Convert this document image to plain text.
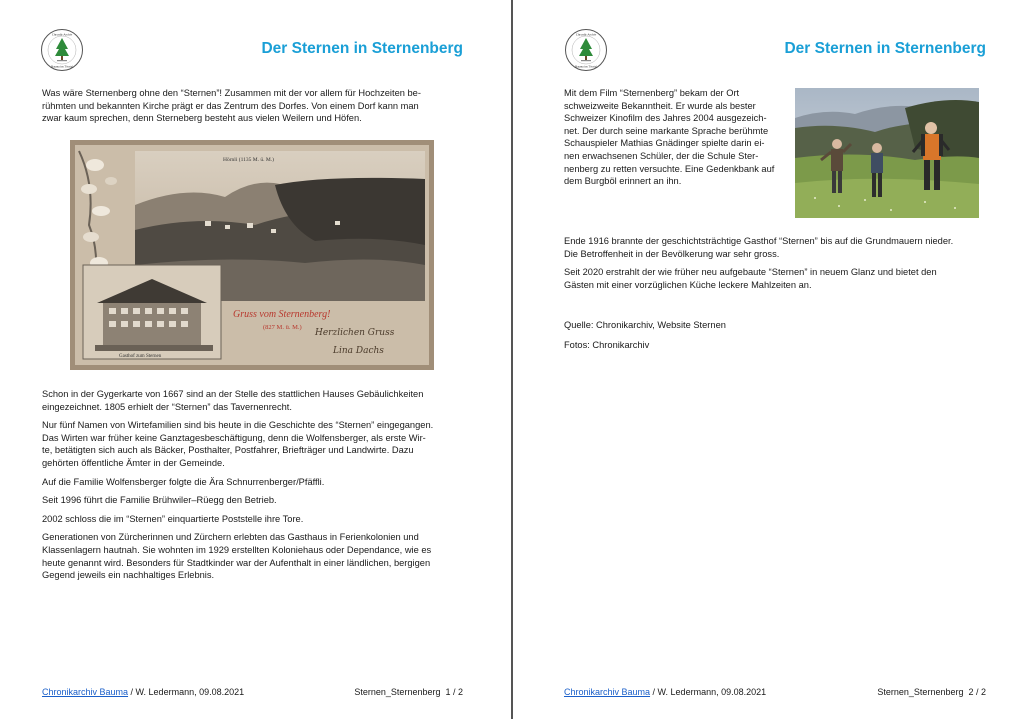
Chronik-Archiv
Bauma im Tösstal
Der Sternen in Sternenberg

Was wäre Sternenberg ohne den “Sternen”! Zusammen mit der vor allem für Hochzeiten be-
rühmten und bekannten Kirche prägt er das Zentrum des Dorfes. Von einem Dorf kann man
zwar kaum sprechen, denn Sterneberg besteht aus vielen Weilern und Höfen.

Hörnli (1135 M. ü. M.)
Gasthof zum Sternen
Gruss vom Sternenberg!
(827 M. ü. M.)
Herzlichen Gruss
Lina Dachs

Schon in der Gygerkarte von 1667 sind an der Stelle des stattlichen Hauses Gebäulichkeiten
eingezeichnet. 1805 erhielt der “Sternen” das Tavernenrecht.

Nur fünf Namen von Wirtefamilien sind bis heute in die Geschichte des “Sternen” eingegangen.
Das Wirten war früher keine Ganztagesbeschäftigung, denn die Wolfensberger, als erste Wir-
te, betätigten sich auch als Bäcker, Posthalter, Postfahrer, Briefträger und Landwirte. Dazu
gehörten öffentliche Ämter in der Gemeinde.

Auf die Familie Wolfensberger folgte die Ära Schnurrenberger/Pfäffli.

Seit 1996 führt die Familie Brühwiler–Rüegg den Betrieb.

2002 schloss die im “Sternen” einquartierte Poststelle ihre Tore.

Generationen von Zürcherinnen und Zürchern erlebten das Gasthaus in Ferienkolonien und
Klassenlagern hautnah. Sie wohnten im 1929 erstellten Koloniehaus oder Dependance, wie es
heute genannt wird. Besonders für Stadtkinder war der Aufenthalt in einer ländlichen, bergigen
Gegend jeweils ein nachhaltiges Erlebnis.

Chronikarchiv Bauma / W. Ledermann, 09.08.2021	Sternen_Sternenberg 1 / 2
Chronik-Archiv
Bauma im Tösstal
Der Sternen in Sternenberg

Mit dem Film “Sternenberg” bekam der Ort
schweizweite Bekanntheit. Er wurde als bester
Schweizer Kinofilm des Jahres 2004 ausgezeich-
net. Der durch seine markante Sprache berühmte
Schauspieler Mathias Gnädinger spielte darin ei-
nen erwachsenen Schüler, der die Schule Ster-
nenberg zu retten versuchte. Eine Gedenkbank auf
dem Burgböl erinnert an ihn.

Ende 1916 brannte der geschichtsträchtige Gasthof “Sternen” bis auf die Grundmauern nieder.
Die Betroffenheit in der Bevölkerung war sehr gross.

Seit 2020 erstrahlt der wie früher neu aufgebaute “Sternen” in neuem Glanz und bietet den
Gästen mit einer vorzüglichen Küche leckere Mahlzeiten an.

Quelle: Chronikarchiv, Website Sternen

Fotos: Chronikarchiv

Chronikarchiv Bauma / W. Ledermann, 09.08.2021	Sternen_Sternenberg 2 / 2
